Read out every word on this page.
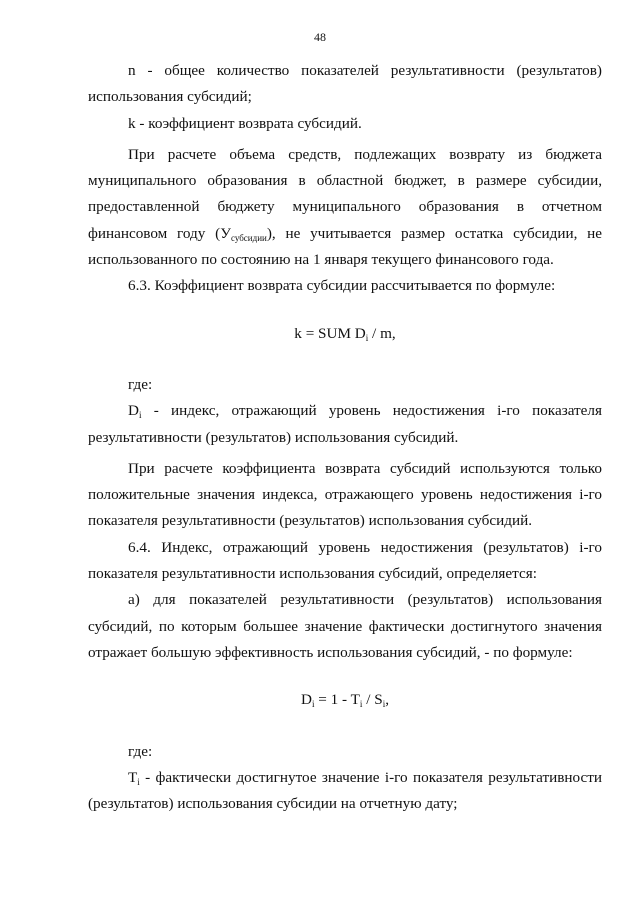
48

n - общее количество показателей результативности (результатов) использования субсидий;

k - коэффициент возврата субсидий.

При расчете объема средств, подлежащих возврату из бюджета муниципального образования в областной бюджет, в размере субсидии, предоставленной бюджету муниципального образования в отчетном финансовом году $(У_{субсидии})$, не учитывается размер остатка субсидии, не использованного по состоянию на 1 января текущего финансового года.

6.3. Коэффициент возврата субсидии рассчитывается по формуле:

k = SUM $D_i$ / m,

где:

$D_i$ - индекс, отражающий уровень недостижения i-го показателя результативности (результатов) использования субсидий.

При расчете коэффициента возврата субсидий используются только положительные значения индекса, отражающего уровень недостижения i-го показателя результативности (результатов) использования субсидий.

6.4. Индекс, отражающий уровень недостижения (результатов) i-го показателя результативности использования субсидий, определяется:

а) для показателей результативности (результатов) использования субсидий, по которым большее значение фактически достигнутого значения отражает большую эффективность использования субсидий, - по формуле:

$D_i = 1 - T_i / S_i$,

где:

$T_i$ - фактически достигнутое значение i-го показателя результативности (результатов) использования субсидии на отчетную дату;
